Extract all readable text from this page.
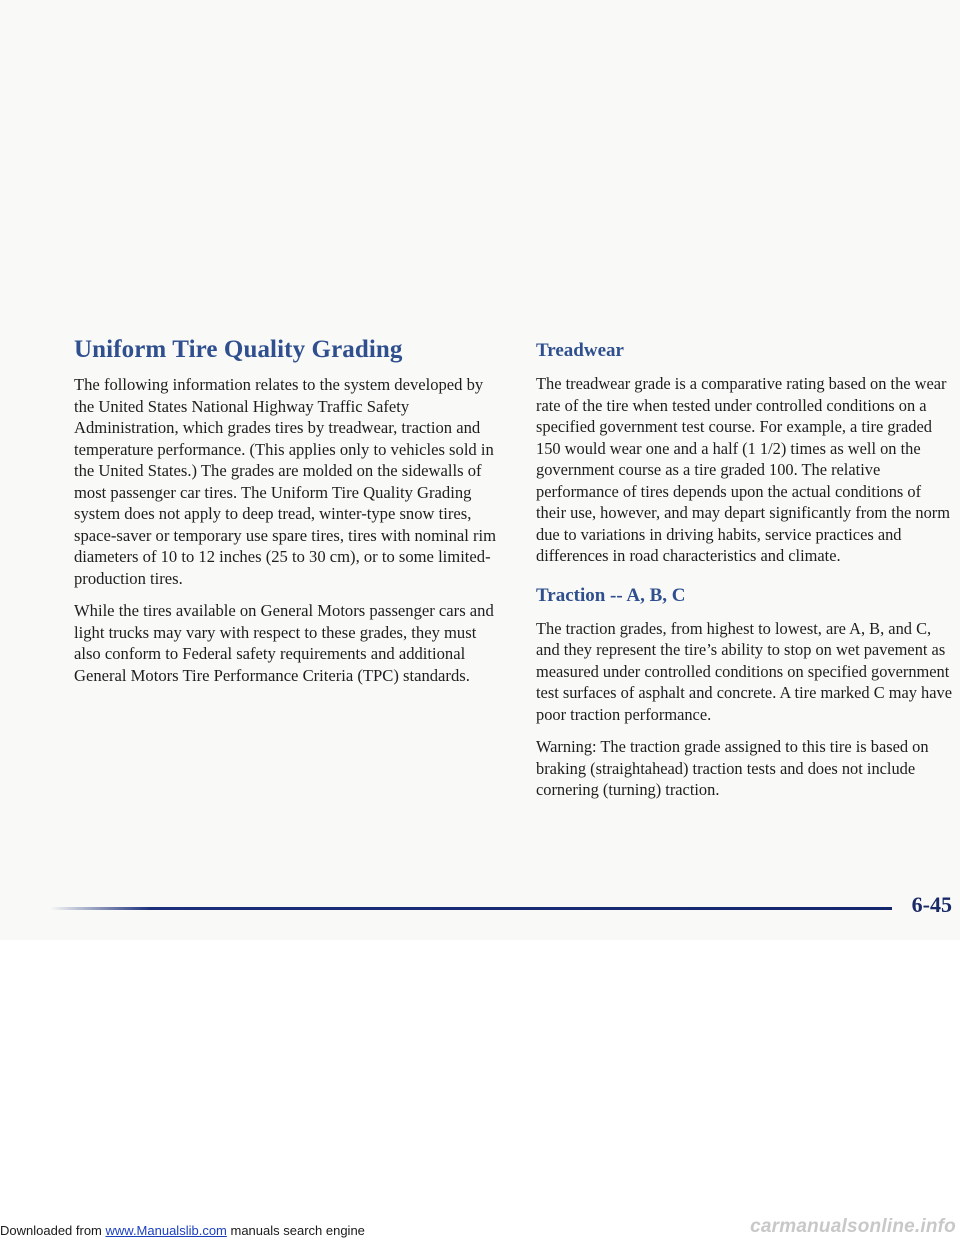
Uniform Tire Quality Grading

The following information relates to the system developed by the United States National Highway Traffic Safety Administration, which grades tires by treadwear, traction and temperature performance. (This applies only to vehicles sold in the United States.) The grades are molded on the sidewalls of most passenger car tires. The Uniform Tire Quality Grading system does not apply to deep tread, winter-type snow tires, space-saver or temporary use spare tires, tires with nominal rim diameters of 10 to 12 inches (25 to 30 cm), or to some limited-production tires.

While the tires available on General Motors passenger cars and light trucks may vary with respect to these grades, they must also conform to Federal safety requirements and additional General Motors Tire Performance Criteria (TPC) standards.

Treadwear

The treadwear grade is a comparative rating based on the wear rate of the tire when tested under controlled conditions on a specified government test course. For example, a tire graded 150 would wear one and a half (1 1/2) times as well on the government course as a tire graded 100. The relative performance of tires depends upon the actual conditions of their use, however, and may depart significantly from the norm due to variations in driving habits, service practices and differences in road characteristics and climate.

Traction -- A, B, C

The traction grades, from highest to lowest, are A, B, and C, and they represent the tire’s ability to stop on wet pavement as measured under controlled conditions on specified government test surfaces of asphalt and concrete. A tire marked C may have poor traction performance.

Warning: The traction grade assigned to this tire is based on braking (straightahead) traction tests and does not include cornering (turning) traction.

6-45
Downloaded from www.Manualslib.com manuals search engine	carmanualsonline.info
